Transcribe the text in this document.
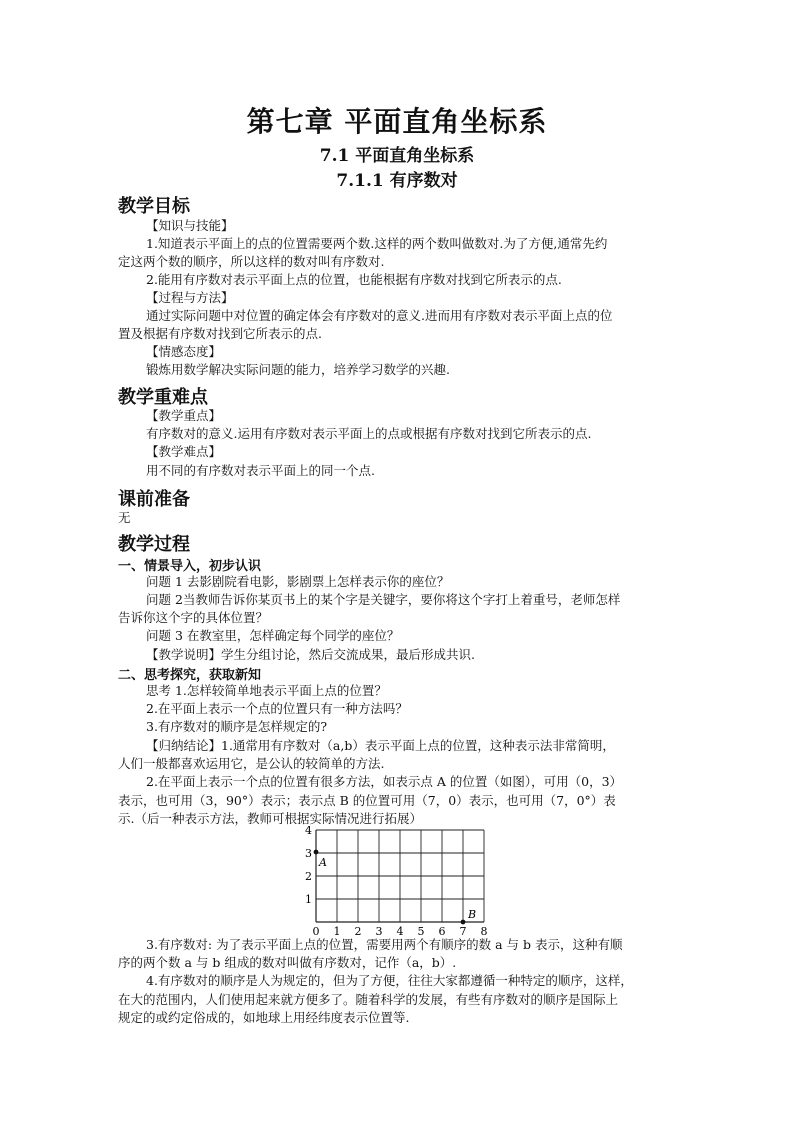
第七章 平面直角坐标系
7.1 平面直角坐标系
7.1.1 有序数对
教学目标
【知识与技能】
1.知道表示平面上的点的位置需要两个数.这样的两个数叫做数对.为了方便,通常先约
定这两个数的顺序，所以这样的数对叫有序数对.
2.能用有序数对表示平面上点的位置，也能根据有序数对找到它所表示的点.
【过程与方法】
通过实际问题中对位置的确定体会有序数对的意义.进而用有序数对表示平面上点的位
置及根据有序数对找到它所表示的点.
【情感态度】
锻炼用数学解决实际问题的能力，培养学习数学的兴趣.
教学重难点
【教学重点】
有序数对的意义.运用有序数对表示平面上的点或根据有序数对找到它所表示的点.
【教学难点】
用不同的有序数对表示平面上的同一个点.
课前准备
无
教学过程
一、情景导入，初步认识
问题 1 去影剧院看电影，影剧票上怎样表示你的座位？
问题 2当教师告诉你某页书上的某个字是关键字，要你将这个字打上着重号，老师怎样
告诉你这个字的具体位置？
问题 3 在教室里，怎样确定每个同学的座位？
【教学说明】学生分组讨论，然后交流成果，最后形成共识.
二、思考探究，获取新知
思考 1.怎样较简单地表示平面上点的位置？
2.在平面上表示一个点的位置只有一种方法吗？
3.有序数对的顺序是怎样规定的?
【归纳结论】1.通常用有序数对（a,b）表示平面上点的位置，这种表示法非常简明，
人们一般都喜欢运用它，是公认的较简单的方法.
2.在平面上表示一个点的位置有很多方法，如表示点 A 的位置（如图），可用（0，3）
表示，也可用（3，90°）表示；表示点 B 的位置可用（7，0）表示，也可用（7，0°）表
示.（后一种表示方法，教师可根据实际情况进行拓展）
0 1 2 3 4 5 6 7 8
1
2
3
4
A
B
3.有序数对: 为了表示平面上点的位置，需要用两个有顺序的数 a 与 b 表示，这种有顺
序的两个数 a 与 b 组成的数对叫做有序数对，记作（a，b）.
4.有序数对的顺序是人为规定的，但为了方便，往往大家都遵循一种特定的顺序，这样，
在大的范围内，人们使用起来就方便多了。随着科学的发展，有些有序数对的顺序是国际上
规定的或约定俗成的，如地球上用经纬度表示位置等.
